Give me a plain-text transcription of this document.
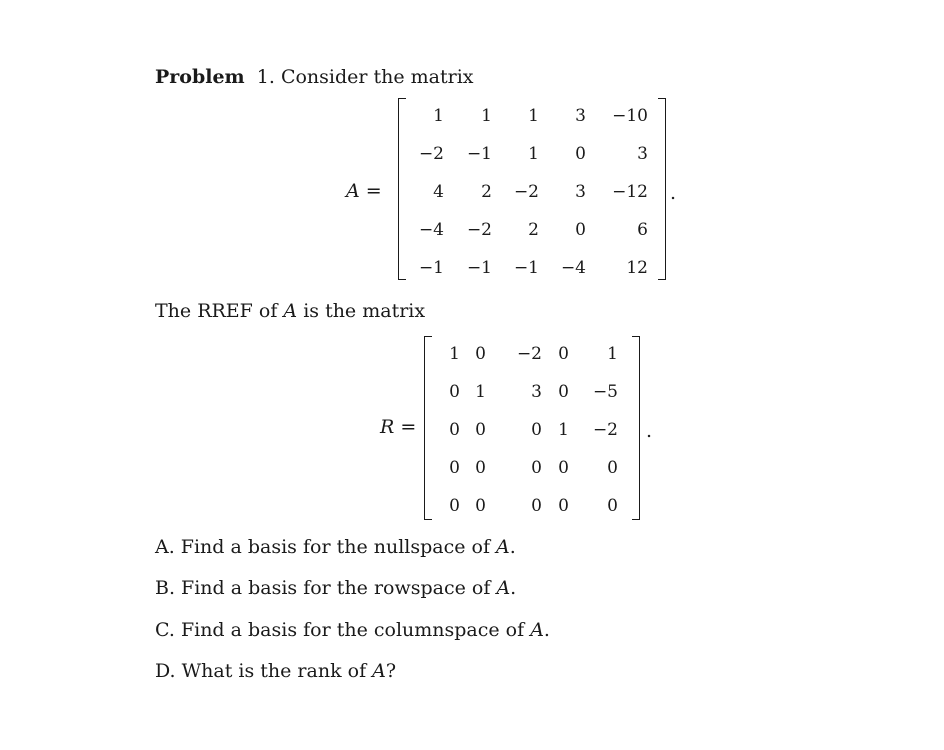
Problem 1. Consider the matrix
A =
1	1	1	3	−10
−2	−1	1	0	3
4	2	−2	3	−12
−4	−2	2	0	6
−1	−1	−1	−4	12
.
The RREF of A is the matrix
R =
1 0	−2 0	1
0 1	3 0	−5
0 0	0 1	−2
0 0	0 0	0
0 0	0 0	0
.
A. Find a basis for the nullspace of A.
B. Find a basis for the rowspace of A.
C. Find a basis for the columnspace of A.
D. What is the rank of A?
